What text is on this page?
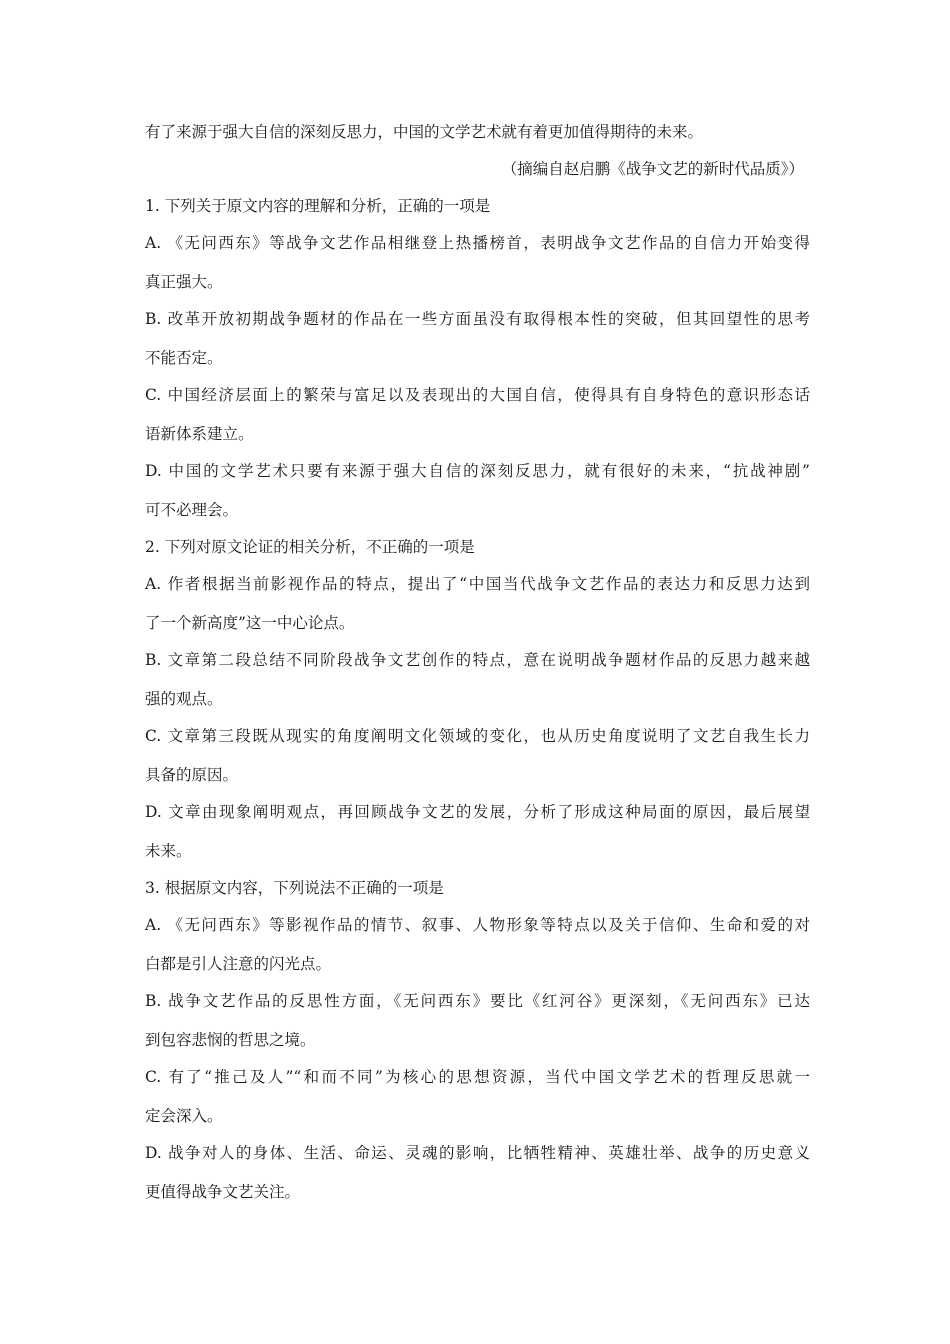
有了来源于强大自信的深刻反思力，中国的文学艺术就有着更加值得期待的未来。
（摘编自赵启鹏《战争文艺的新时代品质》）
1. 下列关于原文内容的理解和分析，正确的一项是
A. 《无问西东》等战争文艺作品相继登上热播榜首，表明战争文艺作品的自信力开始变得
真正强大。
B. 改革开放初期战争题材的作品在一些方面虽没有取得根本性的突破，但其回望性的思考
不能否定。
C. 中国经济层面上的繁荣与富足以及表现出的大国自信，使得具有自身特色的意识形态话
语新体系建立。
D. 中国的文学艺术只要有来源于强大自信的深刻反思力，就有很好的未来，“抗战神剧”
可不必理会。
2. 下列对原文论证的相关分析，不正确的一项是
A. 作者根据当前影视作品的特点，提出了“中国当代战争文艺作品的表达力和反思力达到
了一个新高度”这一中心论点。
B. 文章第二段总结不同阶段战争文艺创作的特点，意在说明战争题材作品的反思力越来越
强的观点。
C. 文章第三段既从现实的角度阐明文化领域的变化，也从历史角度说明了文艺自我生长力
具备的原因。
D. 文章由现象阐明观点，再回顾战争文艺的发展，分析了形成这种局面的原因，最后展望
未来。
3. 根据原文内容，下列说法不正确的一项是
A. 《无问西东》等影视作品的情节、叙事、人物形象等特点以及关于信仰、生命和爱的对
白都是引人注意的闪光点。
B. 战争文艺作品的反思性方面，《无问西东》要比《红河谷》更深刻，《无问西东》已达
到包容悲悯的哲思之境。
C. 有了“推己及人”“和而不同”为核心的思想资源，当代中国文学艺术的哲理反思就一
定会深入。
D. 战争对人的身体、生活、命运、灵魂的影响，比牺牲精神、英雄壮举、战争的历史意义
更值得战争文艺关注。
